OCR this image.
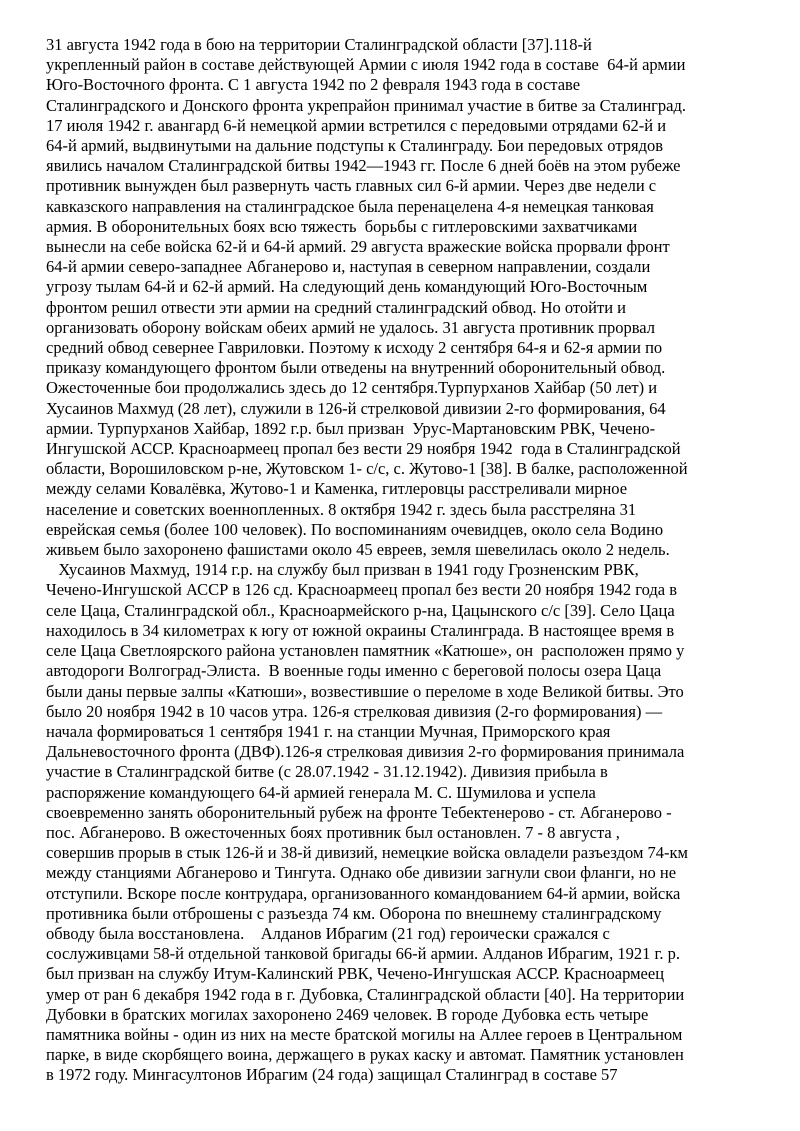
31 августа 1942 года в бою на территории Сталинградской области [37].118-й
укрепленный район в составе действующей Армии с июля 1942 года в составе  64-й армии
Юго-Восточного фронта. С 1 августа 1942 по 2 февраля 1943 года в составе
Сталинградского и Донского фронта укрепрайон принимал участие в битве за Сталинград.
17 июля 1942 г. авангард 6-й немецкой армии встретился с передовыми отрядами 62-й и
64-й армий, выдвинутыми на дальние подступы к Сталинграду. Бои передовых отрядов
явились началом Сталинградской битвы 1942—1943 гг. После 6 дней боёв на этом рубеже
противник вынужден был развернуть часть главных сил 6-й армии. Через две недели с
кавказского направления на сталинградское была перенацелена 4-я немецкая танковая
армия. В оборонительных боях всю тяжесть  борьбы с гитлеровскими захватчиками
вынесли на себе войска 62-й и 64-й армий. 29 августа вражеские войска прорвали фронт
64-й армии северо-западнее Абганерово и, наступая в северном направлении, создали
угрозу тылам 64-й и 62-й армий. На следующий день командующий Юго-Восточным
фронтом решил отвести эти армии на средний сталинградский обвод. Но отойти и
организовать оборону войскам обеих армий не удалось. 31 августа противник прорвал
средний обвод севернее Гавриловки. Поэтому к исходу 2 сентября 64-я и 62-я армии по
приказу командующего фронтом были отведены на внутренний оборонительный обвод.
Ожесточенные бои продолжались здесь до 12 сентября.Турпурханов Хайбар (50 лет) и
Хусаинов Махмуд (28 лет), служили в 126-й стрелковой дивизии 2-го формирования, 64
армии. Турпурханов Хайбар, 1892 г.р. был призван  Урус-Мартановским РВК, Чечено-
Ингушской АССР. Красноармеец пропал без вести 29 ноября 1942  года в Сталинградской
области, Ворошиловском р-не, Жутовском 1- с/с, с. Жутово-1 [38]. В балке, расположенной
между селами Ковалёвка, Жутово-1 и Каменка, гитлеровцы расстреливали мирное
население и советских военнопленных. 8 октября 1942 г. здесь была расстреляна 31
еврейская семья (более 100 человек). По воспоминаниям очевидцев, около села Водино
живьем было захоронено фашистами около 45 евреев, земля шевелилась около 2 недель.
Хусаинов Махмуд, 1914 г.р. на службу был призван в 1941 году Грозненским РВК,
Чечено-Ингушской АССР в 126 сд. Красноармеец пропал без вести 20 ноября 1942 года в
селе Цаца, Сталинградской обл., Красноармейского р-на, Цацынского с/с [39]. Село Цаца
находилось в 34 километрах к югу от южной окраины Сталинграда. В настоящее время в
селе Цаца Светлоярского района установлен памятник «Катюше», он  расположен прямо у
автодороги Волгоград-Элиста.  В военные годы именно с береговой полосы озера Цаца
были даны первые залпы «Катюши», возвестившие о переломе в ходе Великой битвы. Это
было 20 ноября 1942 в 10 часов утра. 126-я стрелковая дивизия (2-го формирования) —
начала формироваться 1 сентября 1941 г. на станции Мучная, Приморского края
Дальневосточного фронта (ДВФ).126-я стрелковая дивизия 2-го формирования принимала
участие в Сталинградской битве (с 28.07.1942 - 31.12.1942). Дивизия прибыла в
распоряжение командующего 64-й армией генерала М. С. Шумилова и успела
своевременно занять оборонительный рубеж на фронте Тебектенерово - ст. Абганерово -
пос. Абганерово. В ожесточенных боях противник был остановлен. 7 - 8 августа ,
совершив прорыв в стык 126-й и 38-й дивизий, немецкие войска овладели разъездом 74-км
между станциями Абганерово и Тингута. Однако обе дивизии загнули свои фланги, но не
отступили. Вскоре после контрудара, организованного командованием 64-й армии, войска
противника были отброшены с разъезда 74 км. Оборона по внешнему сталинградскому
обводу была восстановлена.    Алданов Ибрагим (21 год) героически сражался с
сослуживцами 58-й отдельной танковой бригады 66-й армии. Алданов Ибрагим, 1921 г. р.
был призван на службу Итум-Калинский РВК, Чечено-Ингушская АССР. Красноармеец
умер от ран 6 декабря 1942 года в г. Дубовка, Сталинградской области [40]. На территории
Дубовки в братских могилах захоронено 2469 человек. В городе Дубовка есть четыре
памятника войны - один из них на месте братской могилы на Аллее героев в Центральном
парке, в виде скорбящего воина, держащего в руках каску и автомат. Памятник установлен
в 1972 году. Мингасултонов Ибрагим (24 года) защищал Сталинград в составе 57
